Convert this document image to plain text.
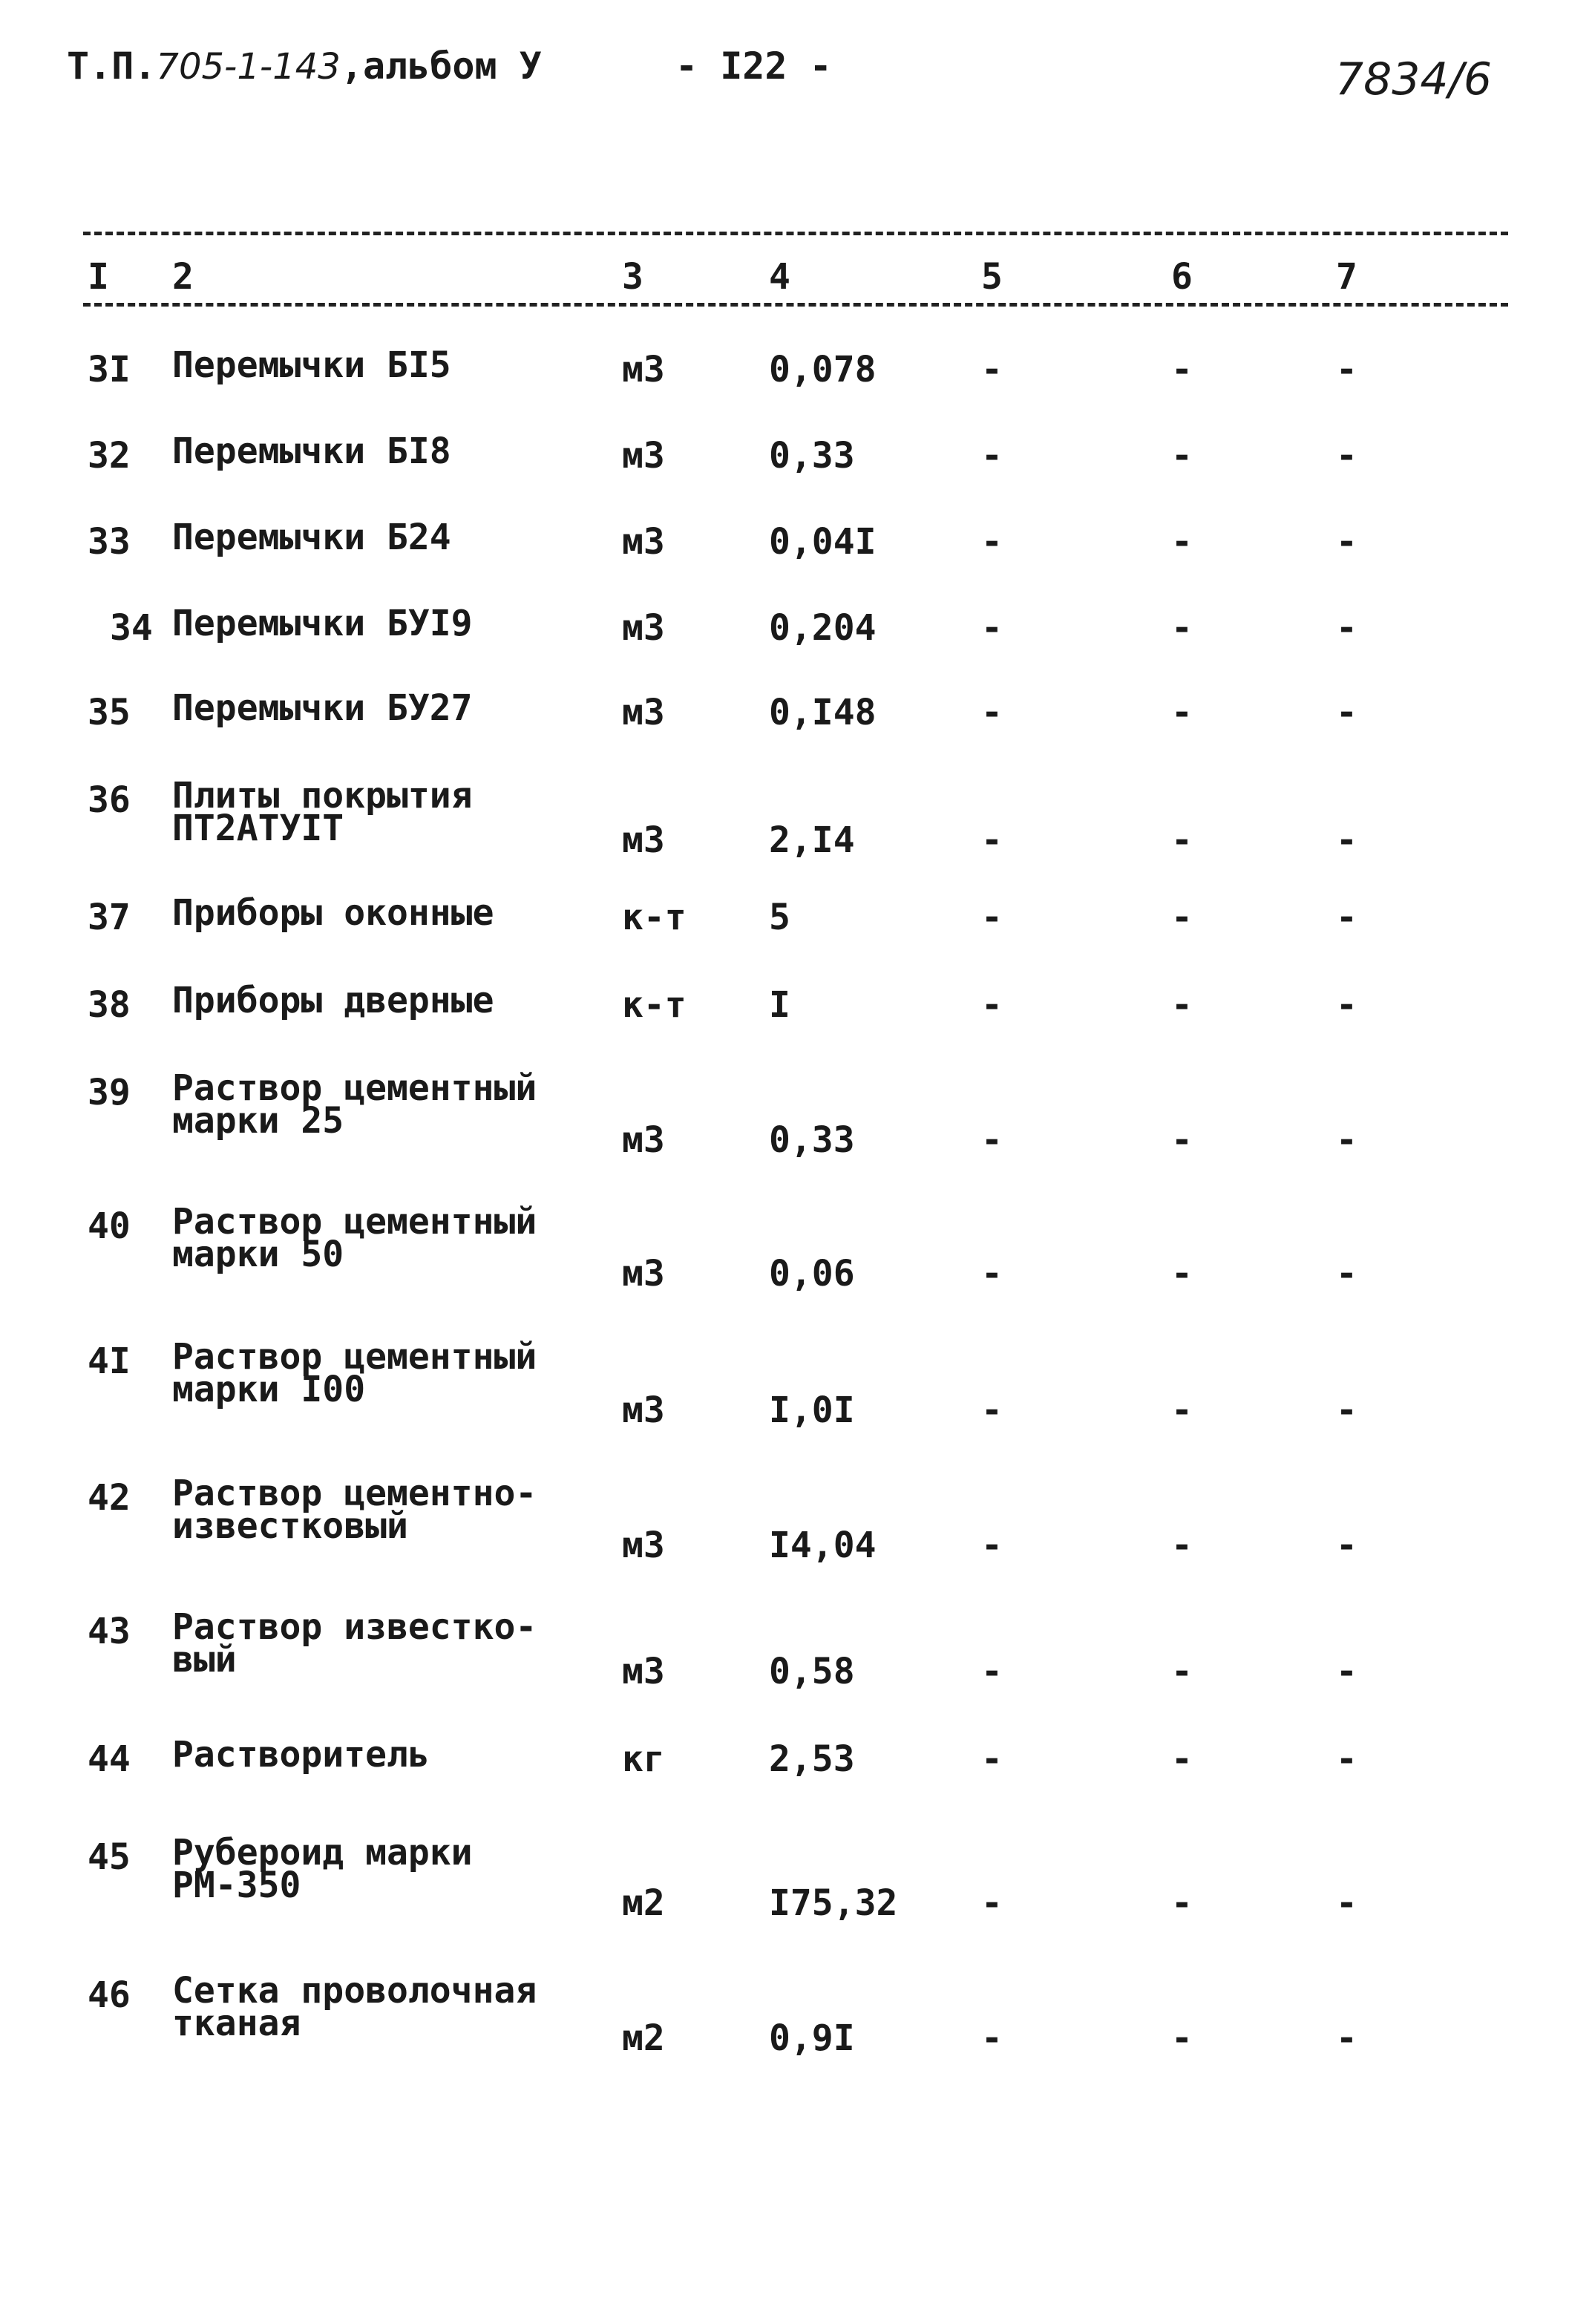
Т.П.705-1-143,альбом У	- I22 -	7834/6
I 2	3	4	5	6	7
3I Перемычки БI5	м3	0,078	-	-	-
32 Перемычки БI8	м3	0,33	-	-	-
33 Перемычки Б24	м3	0,04I	-	-	-
34 Перемычки БУI9	м3	0,204	-	-	-
35 Перемычки БУ27	м3	0,I48	-	-	-
36 Плиты покрытия
ПТ2АТУIТ	м3	2,I4	-	-	-
37 Приборы оконные	к-т 5	-	-	-
38 Приборы дверные	к-т I	-	-	-
39 Раствор цементный
марки 25	м3	0,33	-	-	-
40 Раствор цементный
марки 50	м3	0,06	-	-	-
4I Раствор цементный
марки I00	м3	I,0I	-	-	-
42 Раствор цементно-
известковый	м3	I4,04	-	-	-
43 Раствор известко-
вый	м3	0,58	-	-	-
44 Растворитель	кг	2,53	-	-	-
45 Рубероид марки
РМ-350	м2	I75,32 -	-	-
46 Сетка проволочная
тканая	м2	0,9I	-	-	-
